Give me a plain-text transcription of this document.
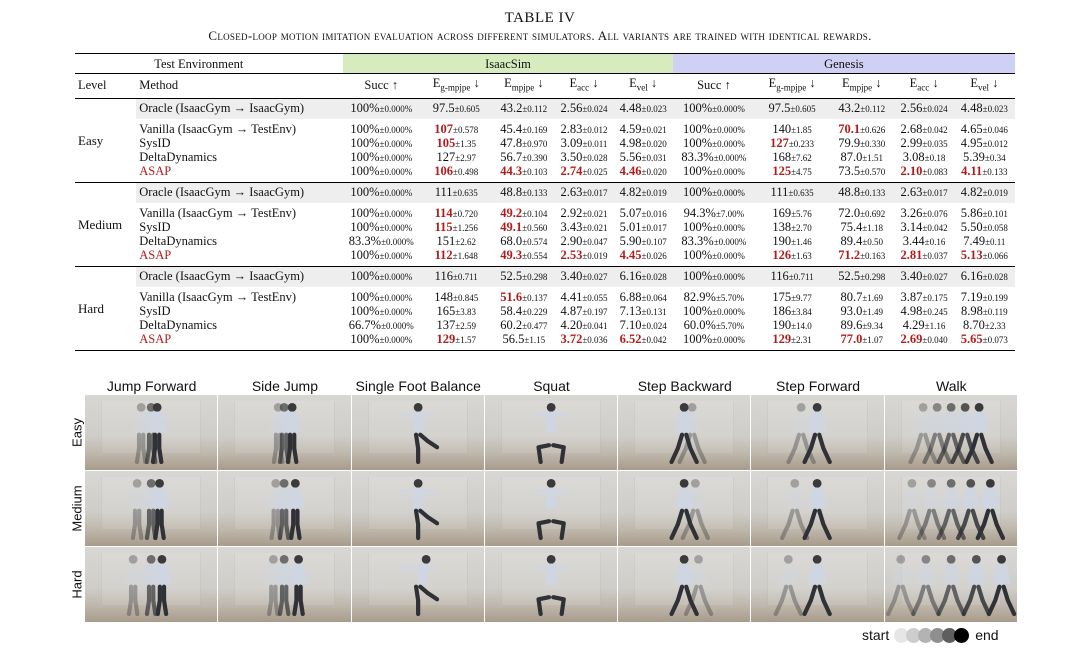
TABLE IV
Closed-loop motion imitation evaluation across different simulators. All variants are trained with identical rewards.
	Test Environment	IsaacSim					Genesis				
Level	Method	Succ ↑	$E_{g-mpjpe}$ ↓	$E_{mpjpe}$ ↓	$E_{acc}$ ↓	$E_{vel}$ ↓	Succ ↑	$E_{g-mpjpe}$ ↓	$E_{mpjpe}$ ↓	$E_{acc}$ ↓	$E_{vel}$ ↓
Easy	Oracle (IsaacGym → IsaacGym)	100%±0.000%	97.5±0.605	43.2±0.112	2.56±0.024	4.48±0.023	100%±0.000%	97.5±0.605	43.2±0.112	2.56±0.024	4.48±0.023
	Vanilla (IsaacGym → TestEnv)	100%±0.000%	107±0.578	45.4±0.169	2.83±0.012	4.59±0.021	100%±0.000%	140±1.85	70.1±0.626	2.68±0.042	4.65±0.046
	SysID	100%±0.000%	105±1.35	47.8±0.970	3.09±0.011	4.98±0.020	100%±0.000%	127±0.233	79.9±0.330	2.99±0.035	4.95±0.012
	DeltaDynamics	100%±0.000%	127±2.97	56.7±0.390	3.50±0.028	5.56±0.031	83.3%±0.000%	168±7.62	87.0±1.51	3.08±0.18	5.39±0.34
	ASAP	100%±0.000%	106±0.498	44.3±0.103	2.74±0.025	4.46±0.020	100%±0.000%	125±4.75	73.5±0.570	2.10±0.083	4.11±0.133
Medium	Oracle (IsaacGym → IsaacGym)	100%±0.000%	111±0.635	48.8±0.133	2.63±0.017	4.82±0.019	100%±0.000%	111±0.635	48.8±0.133	2.63±0.017	4.82±0.019
	Vanilla (IsaacGym → TestEnv)	100%±0.000%	114±0.720	49.2±0.104	2.92±0.021	5.07±0.016	94.3%±7.00%	169±5.76	72.0±0.692	3.26±0.076	5.86±0.101
	SysID	100%±0.000%	115±1.256	49.1±0.560	3.43±0.021	5.01±0.017	100%±0.000%	138±2.70	75.4±1.18	3.14±0.042	5.50±0.058
	DeltaDynamics	83.3%±0.000%	151±2.62	68.0±0.574	2.90±0.047	5.90±0.107	83.3%±0.000%	190±1.46	89.4±0.50	3.44±0.16	7.49±0.11
	ASAP	100%±0.000%	112±1.648	49.3±0.554	2.53±0.019	4.45±0.026	100%±0.000%	126±1.63	71.2±0.163	2.81±0.037	5.13±0.066
Hard	Oracle (IsaacGym → IsaacGym)	100%±0.000%	116±0.711	52.5±0.298	3.40±0.027	6.16±0.028	100%±0.000%	116±0.711	52.5±0.298	3.40±0.027	6.16±0.028
	Vanilla (IsaacGym → TestEnv)	100%±0.000%	148±0.845	51.6±0.137	4.41±0.055	6.88±0.064	82.9%±5.70%	175±9.77	80.7±1.69	3.87±0.175	7.19±0.199
	SysID	100%±0.000%	165±3.83	58.4±0.229	4.87±0.197	7.13±0.131	100%±0.000%	186±3.84	93.0±1.49	4.98±0.245	8.98±0.119
	DeltaDynamics	66.7%±0.000%	137±2.59	60.2±0.477	4.20±0.041	7.10±0.024	60.0%±5.70%	190±14.0	89.6±9.34	4.29±1.16	8.70±2.33
	ASAP	100%±0.000%	129±1.57	56.5±1.15	3.72±0.036	6.52±0.042	100%±0.000%	129±2.31	77.0±1.07	2.69±0.040	5.65±0.073
Jump Forward	Side Jump	Single Foot Balance	Squat	Step Backward	Step Forward	Walk
Easy
Medium
Hard
start	end
